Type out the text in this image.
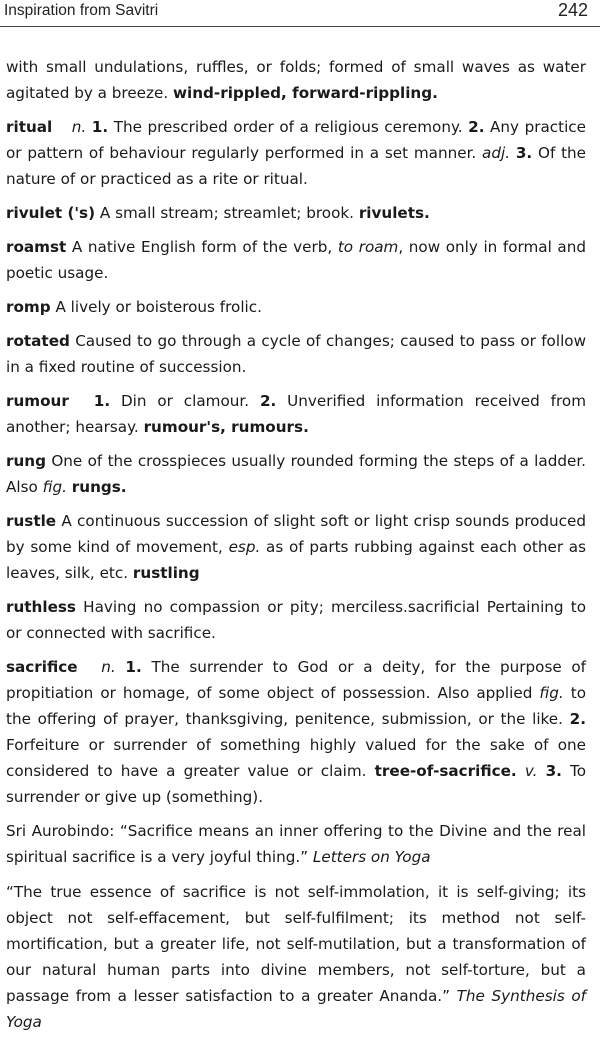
Inspiration from Savitri	242

with small undulations, ruffles, or folds; formed of small waves as water agitated by a breeze. wind-rippled, forward-rippling.

ritual n. 1. The prescribed order of a religious ceremony. 2. Any practice or pattern of behaviour regularly performed in a set manner. adj. 3. Of the nature of or practiced as a rite or ritual.

rivulet ('s) A small stream; streamlet; brook. rivulets.

roamst A native English form of the verb, to roam, now only in formal and poetic usage.

romp A lively or boisterous frolic.

rotated Caused to go through a cycle of changes; caused to pass or follow in a fixed routine of succession.

rumour 1. Din or clamour. 2. Unverified information received from another; hearsay. rumour's, rumours.

rung One of the crosspieces usually rounded forming the steps of a ladder. Also fig. rungs.

rustle A continuous succession of slight soft or light crisp sounds produced by some kind of movement, esp. as of parts rubbing against each other as leaves, silk, etc. rustling

ruthless Having no compassion or pity; merciless.sacrificial Pertaining to or connected with sacrifice.

sacrifice n. 1. The surrender to God or a deity, for the purpose of propitiation or homage, of some object of possession. Also applied fig. to the offering of prayer, thanksgiving, penitence, submission, or the like. 2. Forfeiture or surrender of something highly valued for the sake of one considered to have a greater value or claim. tree-of-sacrifice. v. 3. To surrender or give up (something).

Sri Aurobindo: “Sacrifice means an inner offering to the Divine and the real spiritual sacrifice is a very joyful thing.” Letters on Yoga

“The true essence of sacrifice is not self-immolation, it is self-giving; its object not self-effacement, but self-fulfilment; its method not self-mortification, but a greater life, not self-mutilation, but a transformation of our natural human parts into divine members, not self-torture, but a passage from a lesser satisfaction to a greater Ananda.” The Synthesis of Yoga
